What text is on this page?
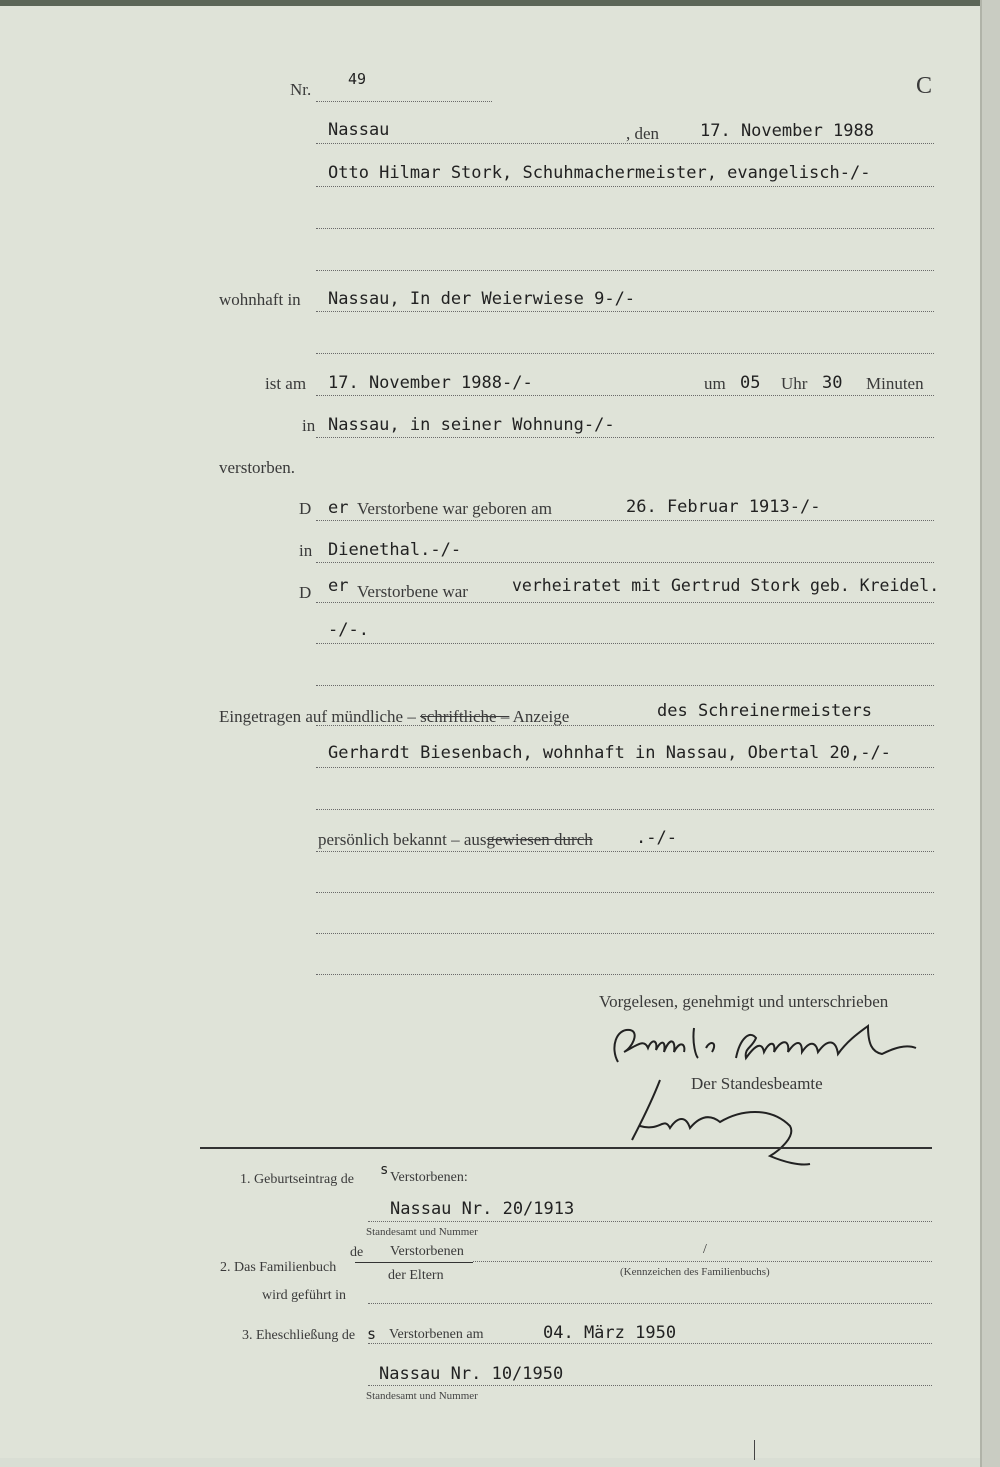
Nr.
49	C
Nassau	, den 17. November 1988
Otto Hilmar Stork, Schuhmachermeister, evangelisch-/-
wohnhaft in Nassau, In der Weierwiese 9-/-
ist am 17. November 1988-/-	um 05 Uhr 30 Minuten
in Nassau, in seiner Wohnung-/-
verstorben.
D er Verstorbene war geboren am	26. Februar 1913-/-
in Dienethal.-/-
D er Verstorbene war	verheiratet mit Gertrud Stork geb. Kreidel.
-/-.
Eingetragen auf mündliche – schriftliche – Anzeige	des Schreinermeisters
Gerhardt Biesenbach, wohnhaft in Nassau, Obertal 20,-/-
persönlich bekannt – ausgewiesen durch	.-/-
Vorgelesen, genehmigt und unterschrieben
Der Standesbeamte
1. Geburtseintrag de
s Verstorbenen:
Nassau Nr. 20/1913
Standesamt und Nummer
2. Das Familienbuch
de Verstorbenen
der Eltern
/
(Kennzeichen des Familienbuchs)
wird geführt in
3. Eheschließung de s Verstorbenen am	04. März 1950
Nassau Nr. 10/1950
Standesamt und Nummer
